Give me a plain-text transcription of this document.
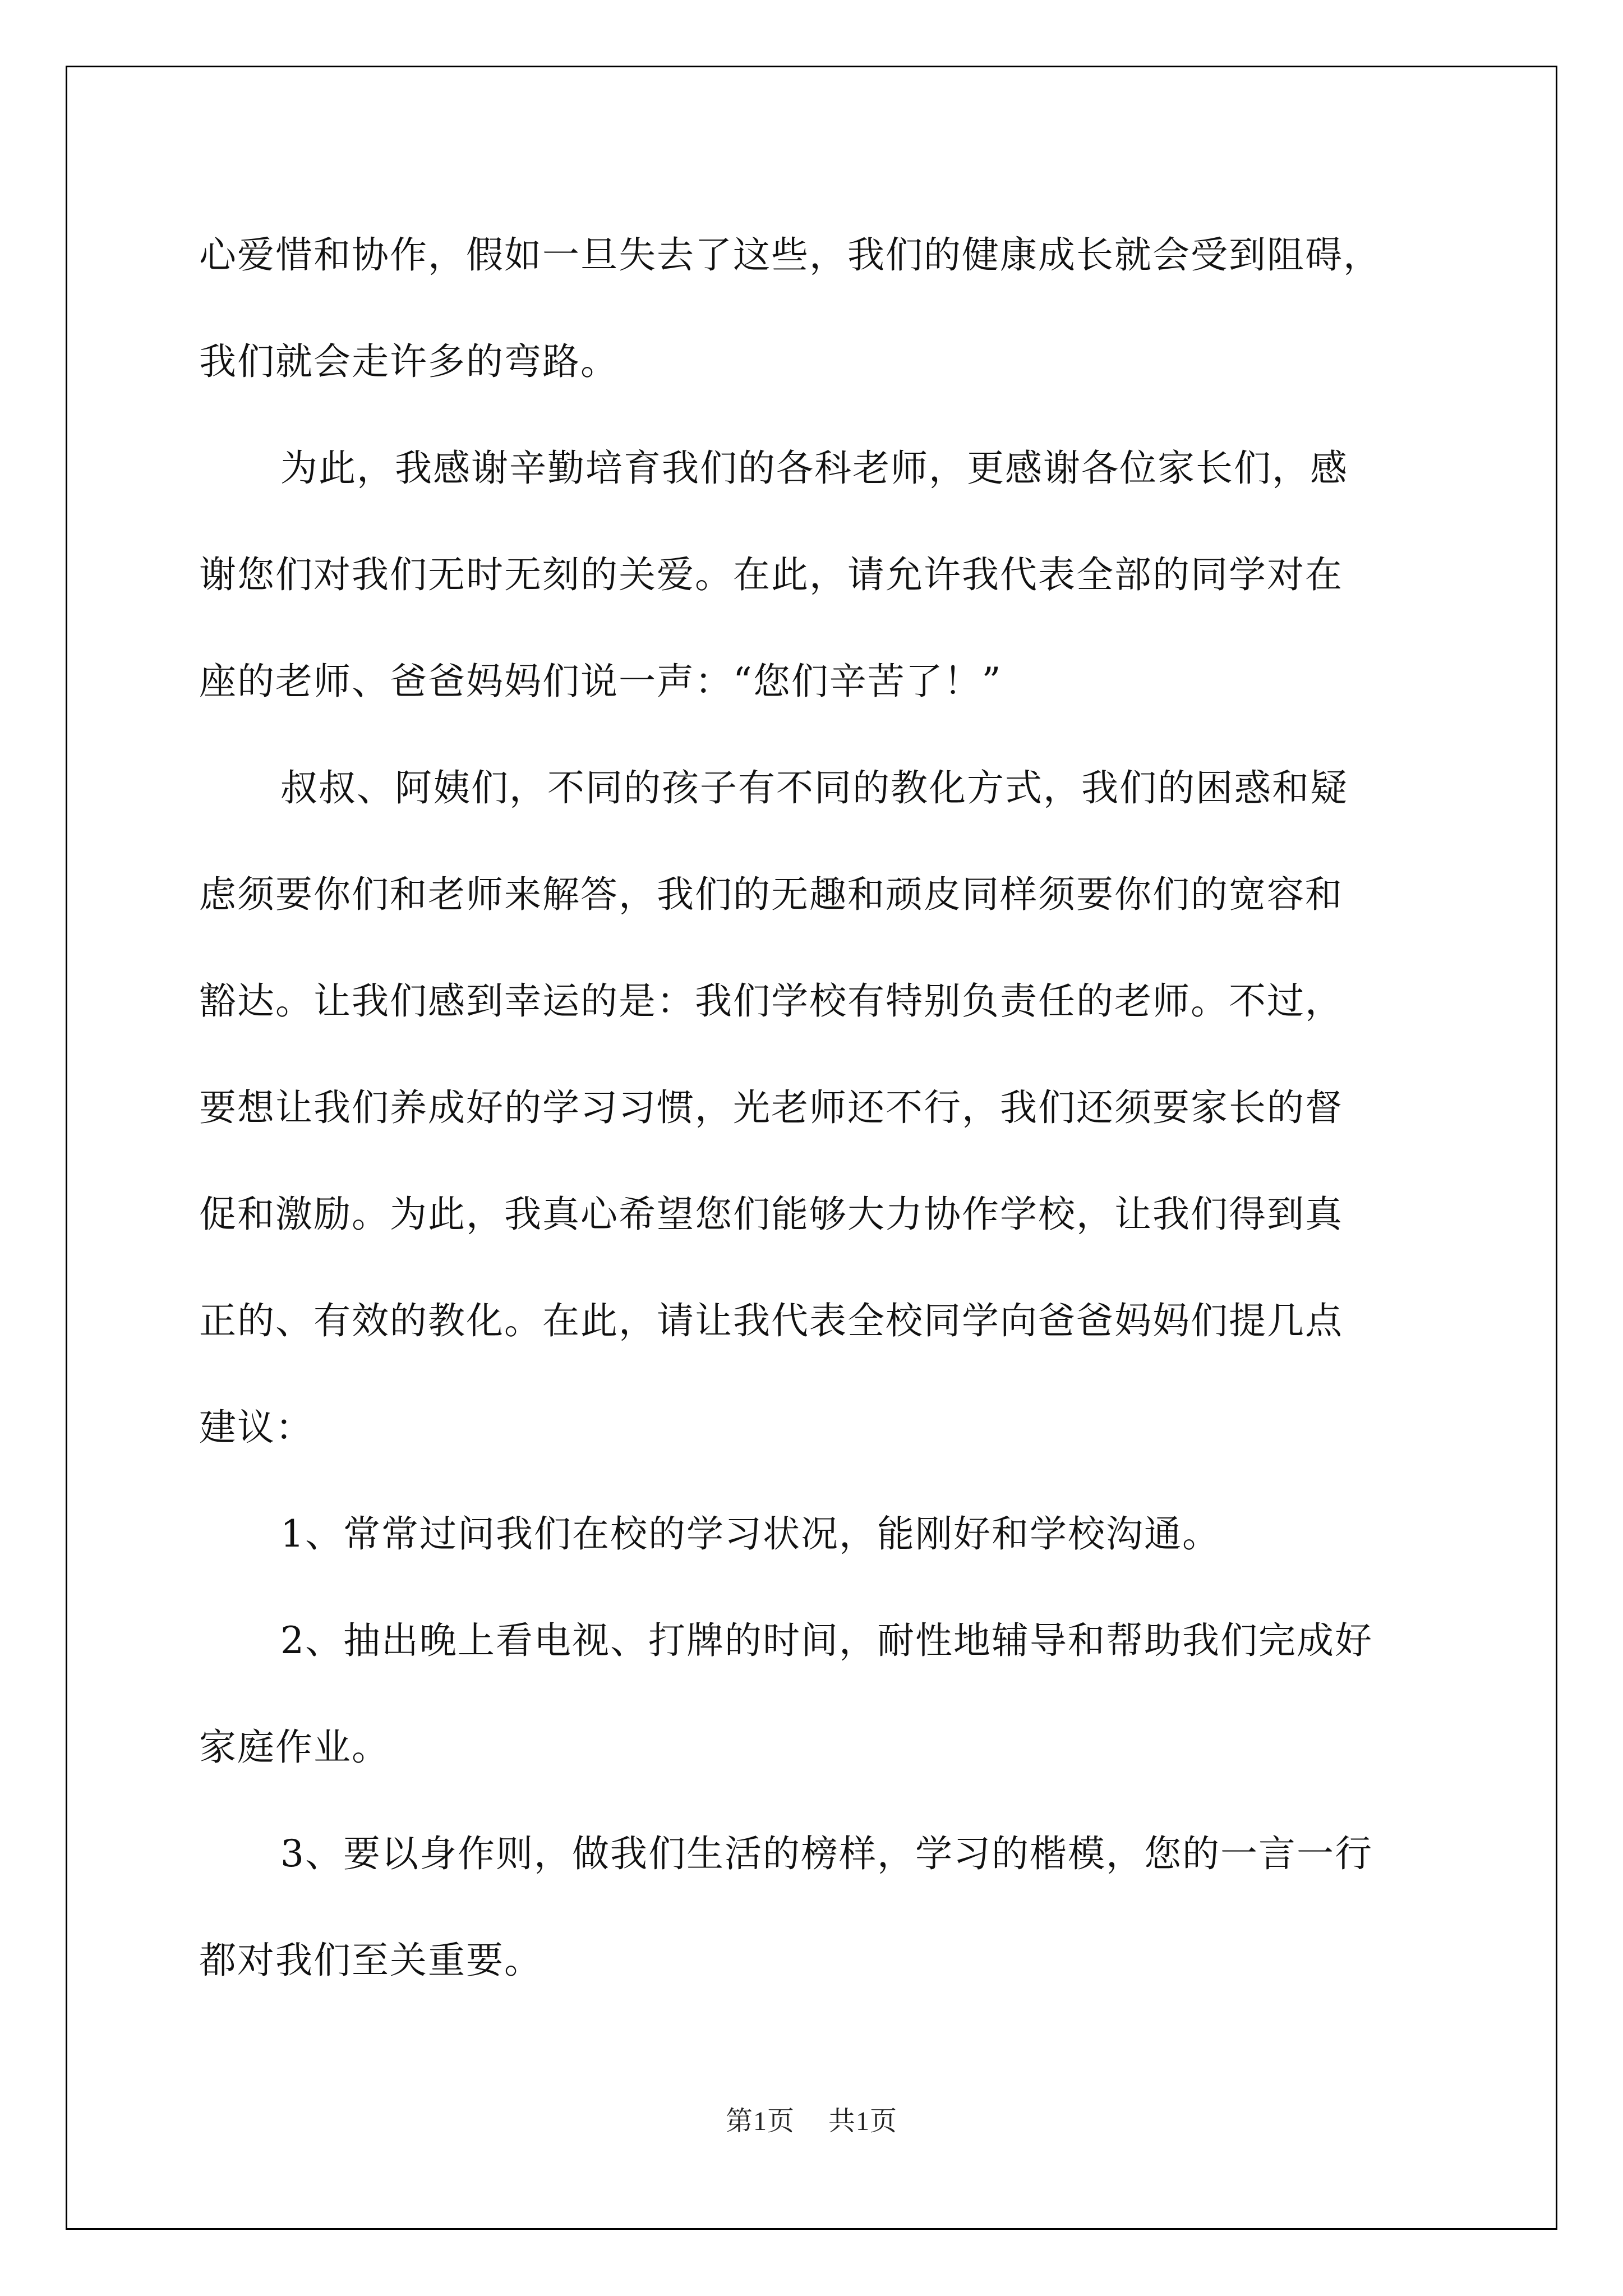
心爱惜和协作，假如一旦失去了这些，我们的健康成长就会受到阻碍，

我们就会走许多的弯路。

为此，我感谢辛勤培育我们的各科老师，更感谢各位家长们，感

谢您们对我们无时无刻的关爱。在此，请允许我代表全部的同学对在

座的老师、爸爸妈妈们说一声：“您们辛苦了！”

叔叔、阿姨们，不同的孩子有不同的教化方式，我们的困惑和疑

虑须要你们和老师来解答，我们的无趣和顽皮同样须要你们的宽容和

豁达。让我们感到幸运的是：我们学校有特别负责任的老师。不过，

要想让我们养成好的学习习惯，光老师还不行，我们还须要家长的督

促和激励。为此，我真心希望您们能够大力协作学校，让我们得到真

正的、有效的教化。在此，请让我代表全校同学向爸爸妈妈们提几点

建议：

1、常常过问我们在校的学习状况，能刚好和学校沟通。

2、抽出晚上看电视、打牌的时间，耐性地辅导和帮助我们完成好

家庭作业。

3、要以身作则，做我们生活的榜样，学习的楷模，您的一言一行

都对我们至关重要。

第1页 共1页
